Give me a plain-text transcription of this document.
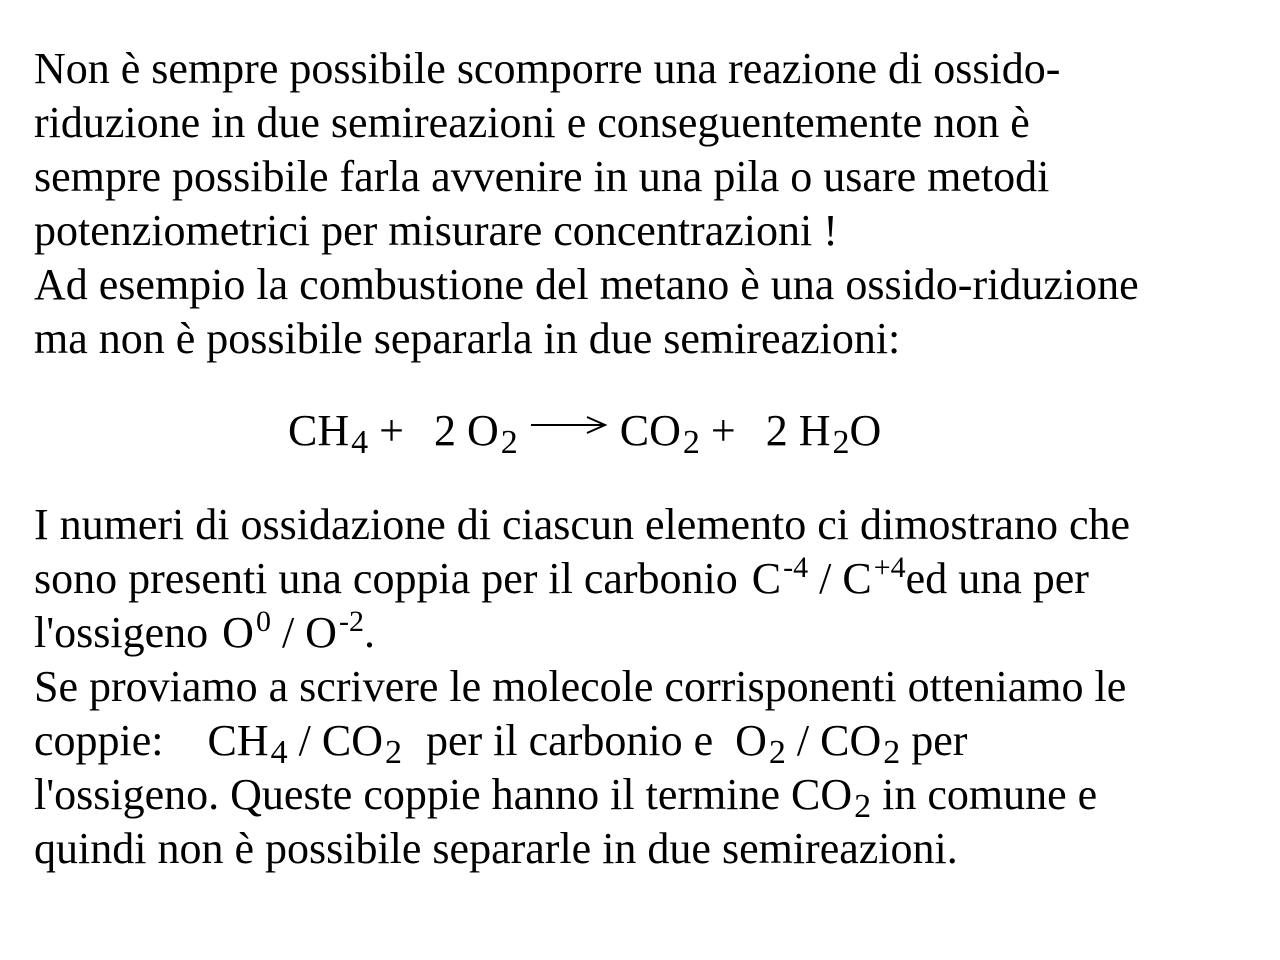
Non è sempre possibile scomporre una reazione di ossido-
riduzione in due semireazioni e conseguentemente non è
sempre possibile farla avvenire in una pila o usare metodi
potenziometrici per misurare concentrazioni !
Ad esempio la combustione del metano è una ossido-riduzione
ma non è possibile separarla in due semireazioni:
CH4 + 2 O2 → CO2 + 2 H2O
I numeri di ossidazione di ciascun elemento ci dimostrano che
sono presenti una coppia per il carbonio $C^{-4} / C^{+4}ed$ una per
l'ossigeno $O^0 / O^{-2}$.
Se proviamo a scrivere le molecole corrisponenti otteniamo le
coppie: CH4 / CO2 per il carbonio e O2 / CO2 per
l'ossigeno. Queste coppie hanno il termine CO2 in comune e
quindi non è possibile separarle in due semireazioni.
